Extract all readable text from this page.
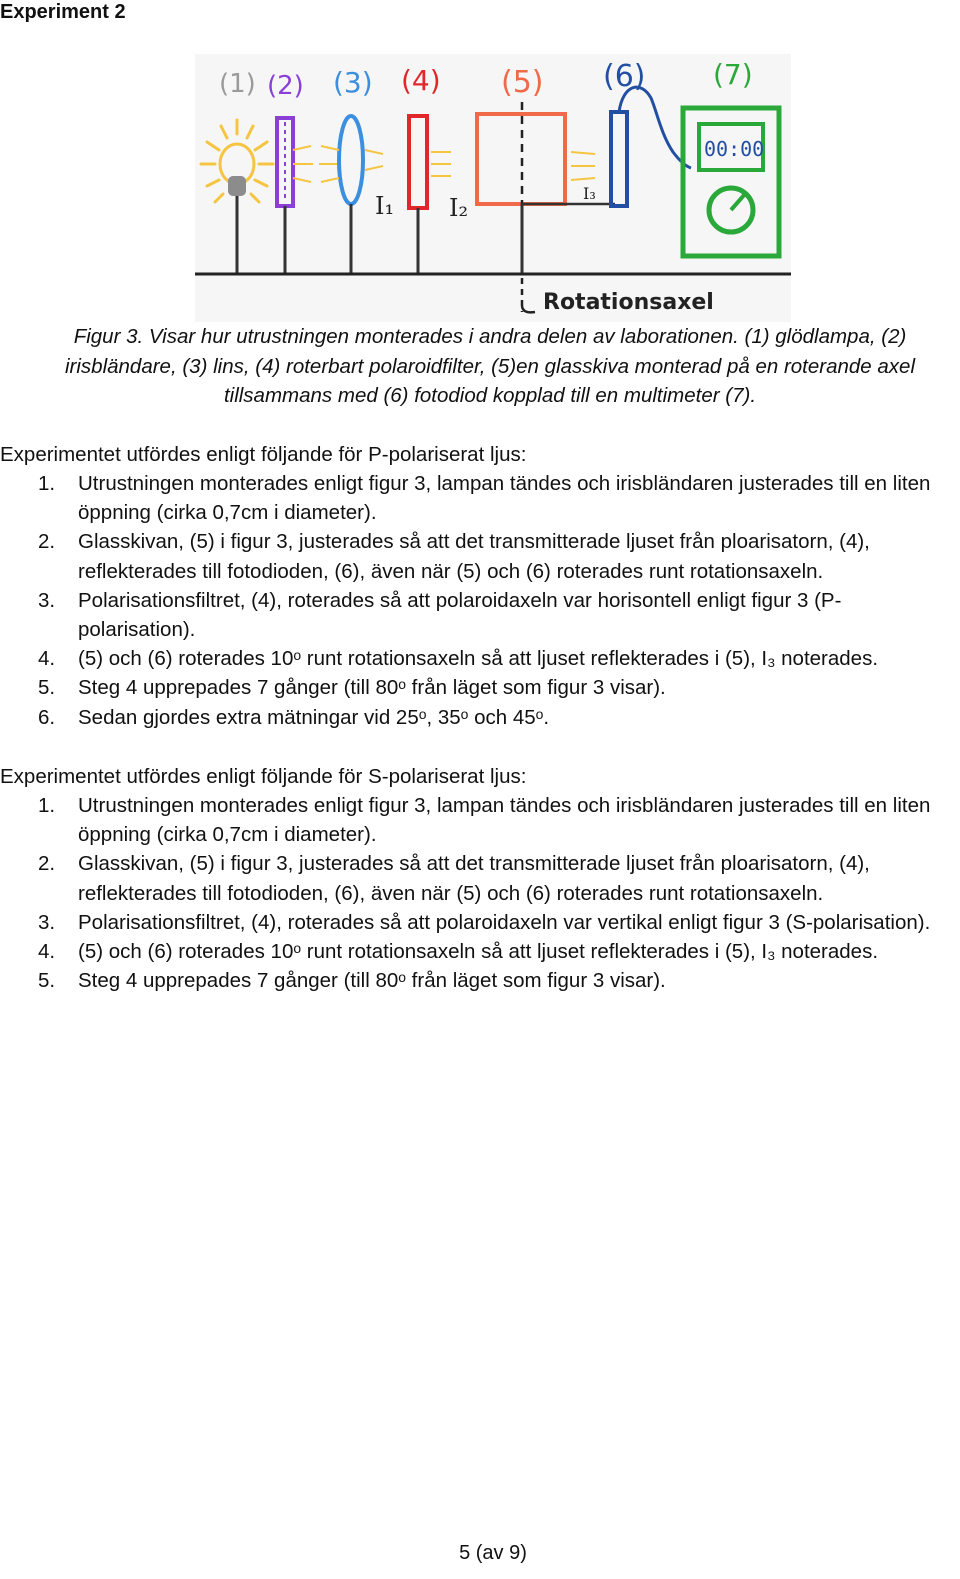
Experiment 2
(1) (2) (3) (4) (5) (6) (7)
I₁ I₂
I₃
00:00
Rotationsaxel
Figur 3. Visar hur utrustningen monterades i andra delen av laborationen. (1) glödlampa, (2) irisbländare, (3) lins, (4) roterbart polaroidfilter, (5)en glasskiva monterad på en roterande axel tillsammans med (6) fotodiod kopplad till en multimeter (7).
Experimentet utfördes enligt följande för P-polariserat ljus:
1. Utrustningen monterades enligt figur 3, lampan tändes och irisbländaren justerades till en liten öppning (cirka 0,7cm i diameter).
2. Glasskivan, (5) i figur 3, justerades så att det transmitterade ljuset från ploarisatorn, (4), reflekterades till fotodioden, (6), även när (5) och (6) roterades runt rotationsaxeln.
3. Polarisationsfiltret, (4), roterades så att polaroidaxeln var horisontell enligt figur 3 (P-polarisation).
4. (5) och (6) roterades 10ᵒ runt rotationsaxeln så att ljuset reflekterades i (5), I₃ noterades.
5. Steg 4 upprepades 7 gånger (till 80ᵒ från läget som figur 3 visar).
6. Sedan gjordes extra mätningar vid 25ᵒ, 35ᵒ och 45ᵒ.
Experimentet utfördes enligt följande för S-polariserat ljus:
1. Utrustningen monterades enligt figur 3, lampan tändes och irisbländaren justerades till en liten öppning (cirka 0,7cm i diameter).
2. Glasskivan, (5) i figur 3, justerades så att det transmitterade ljuset från ploarisatorn, (4), reflekterades till fotodioden, (6), även när (5) och (6) roterades runt rotationsaxeln.
3. Polarisationsfiltret, (4), roterades så att polaroidaxeln var vertikal enligt figur 3 (S-polarisation).
4. (5) och (6) roterades 10ᵒ runt rotationsaxeln så att ljuset reflekterades i (5), I₃ noterades.
5. Steg 4 upprepades 7 gånger (till 80ᵒ från läget som figur 3 visar).
5 (av 9)
